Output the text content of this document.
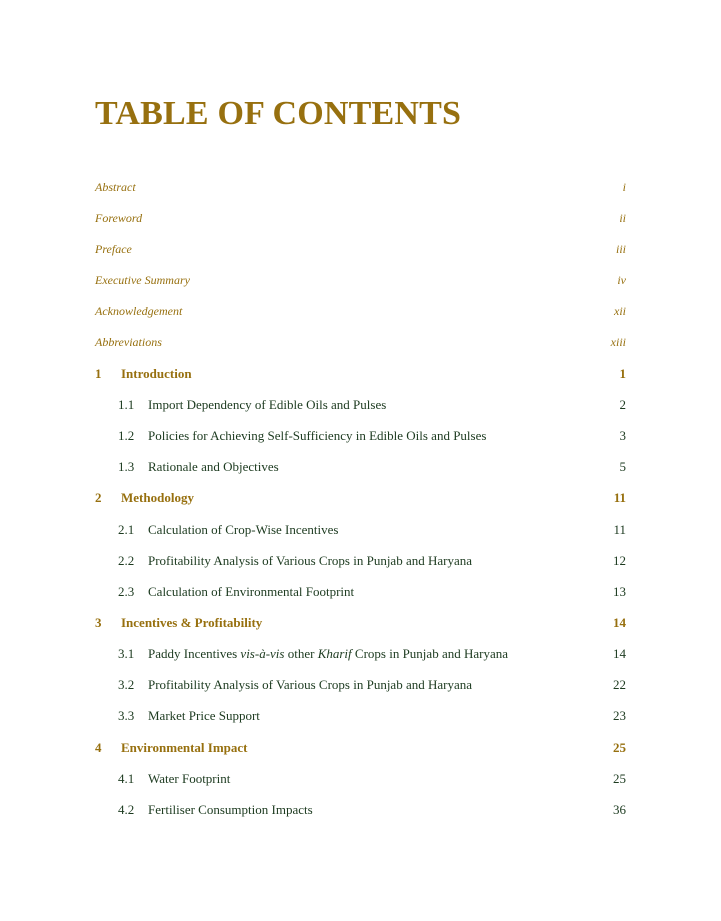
TABLE OF CONTENTS
Abstract	i
Foreword	ii
Preface	iii
Executive Summary	iv
Acknowledgement	xii
Abbreviations	xiii
1	Introduction	1
1.1	Import Dependency of Edible Oils and Pulses	2
1.2	Policies for Achieving Self-Sufficiency in Edible Oils and Pulses	3
1.3	Rationale and Objectives	5
2	Methodology	11
2.1	Calculation of Crop-Wise Incentives	11
2.2	Profitability Analysis of Various Crops in Punjab and Haryana	12
2.3	Calculation of Environmental Footprint	13
3	Incentives & Profitability	14
3.1	Paddy Incentives vis-à-vis other Kharif Crops in Punjab and Haryana	14
3.2	Profitability Analysis of Various Crops in Punjab and Haryana	22
3.3	Market Price Support	23
4	Environmental Impact	25
4.1	Water Footprint	25
4.2	Fertiliser Consumption Impacts	36
